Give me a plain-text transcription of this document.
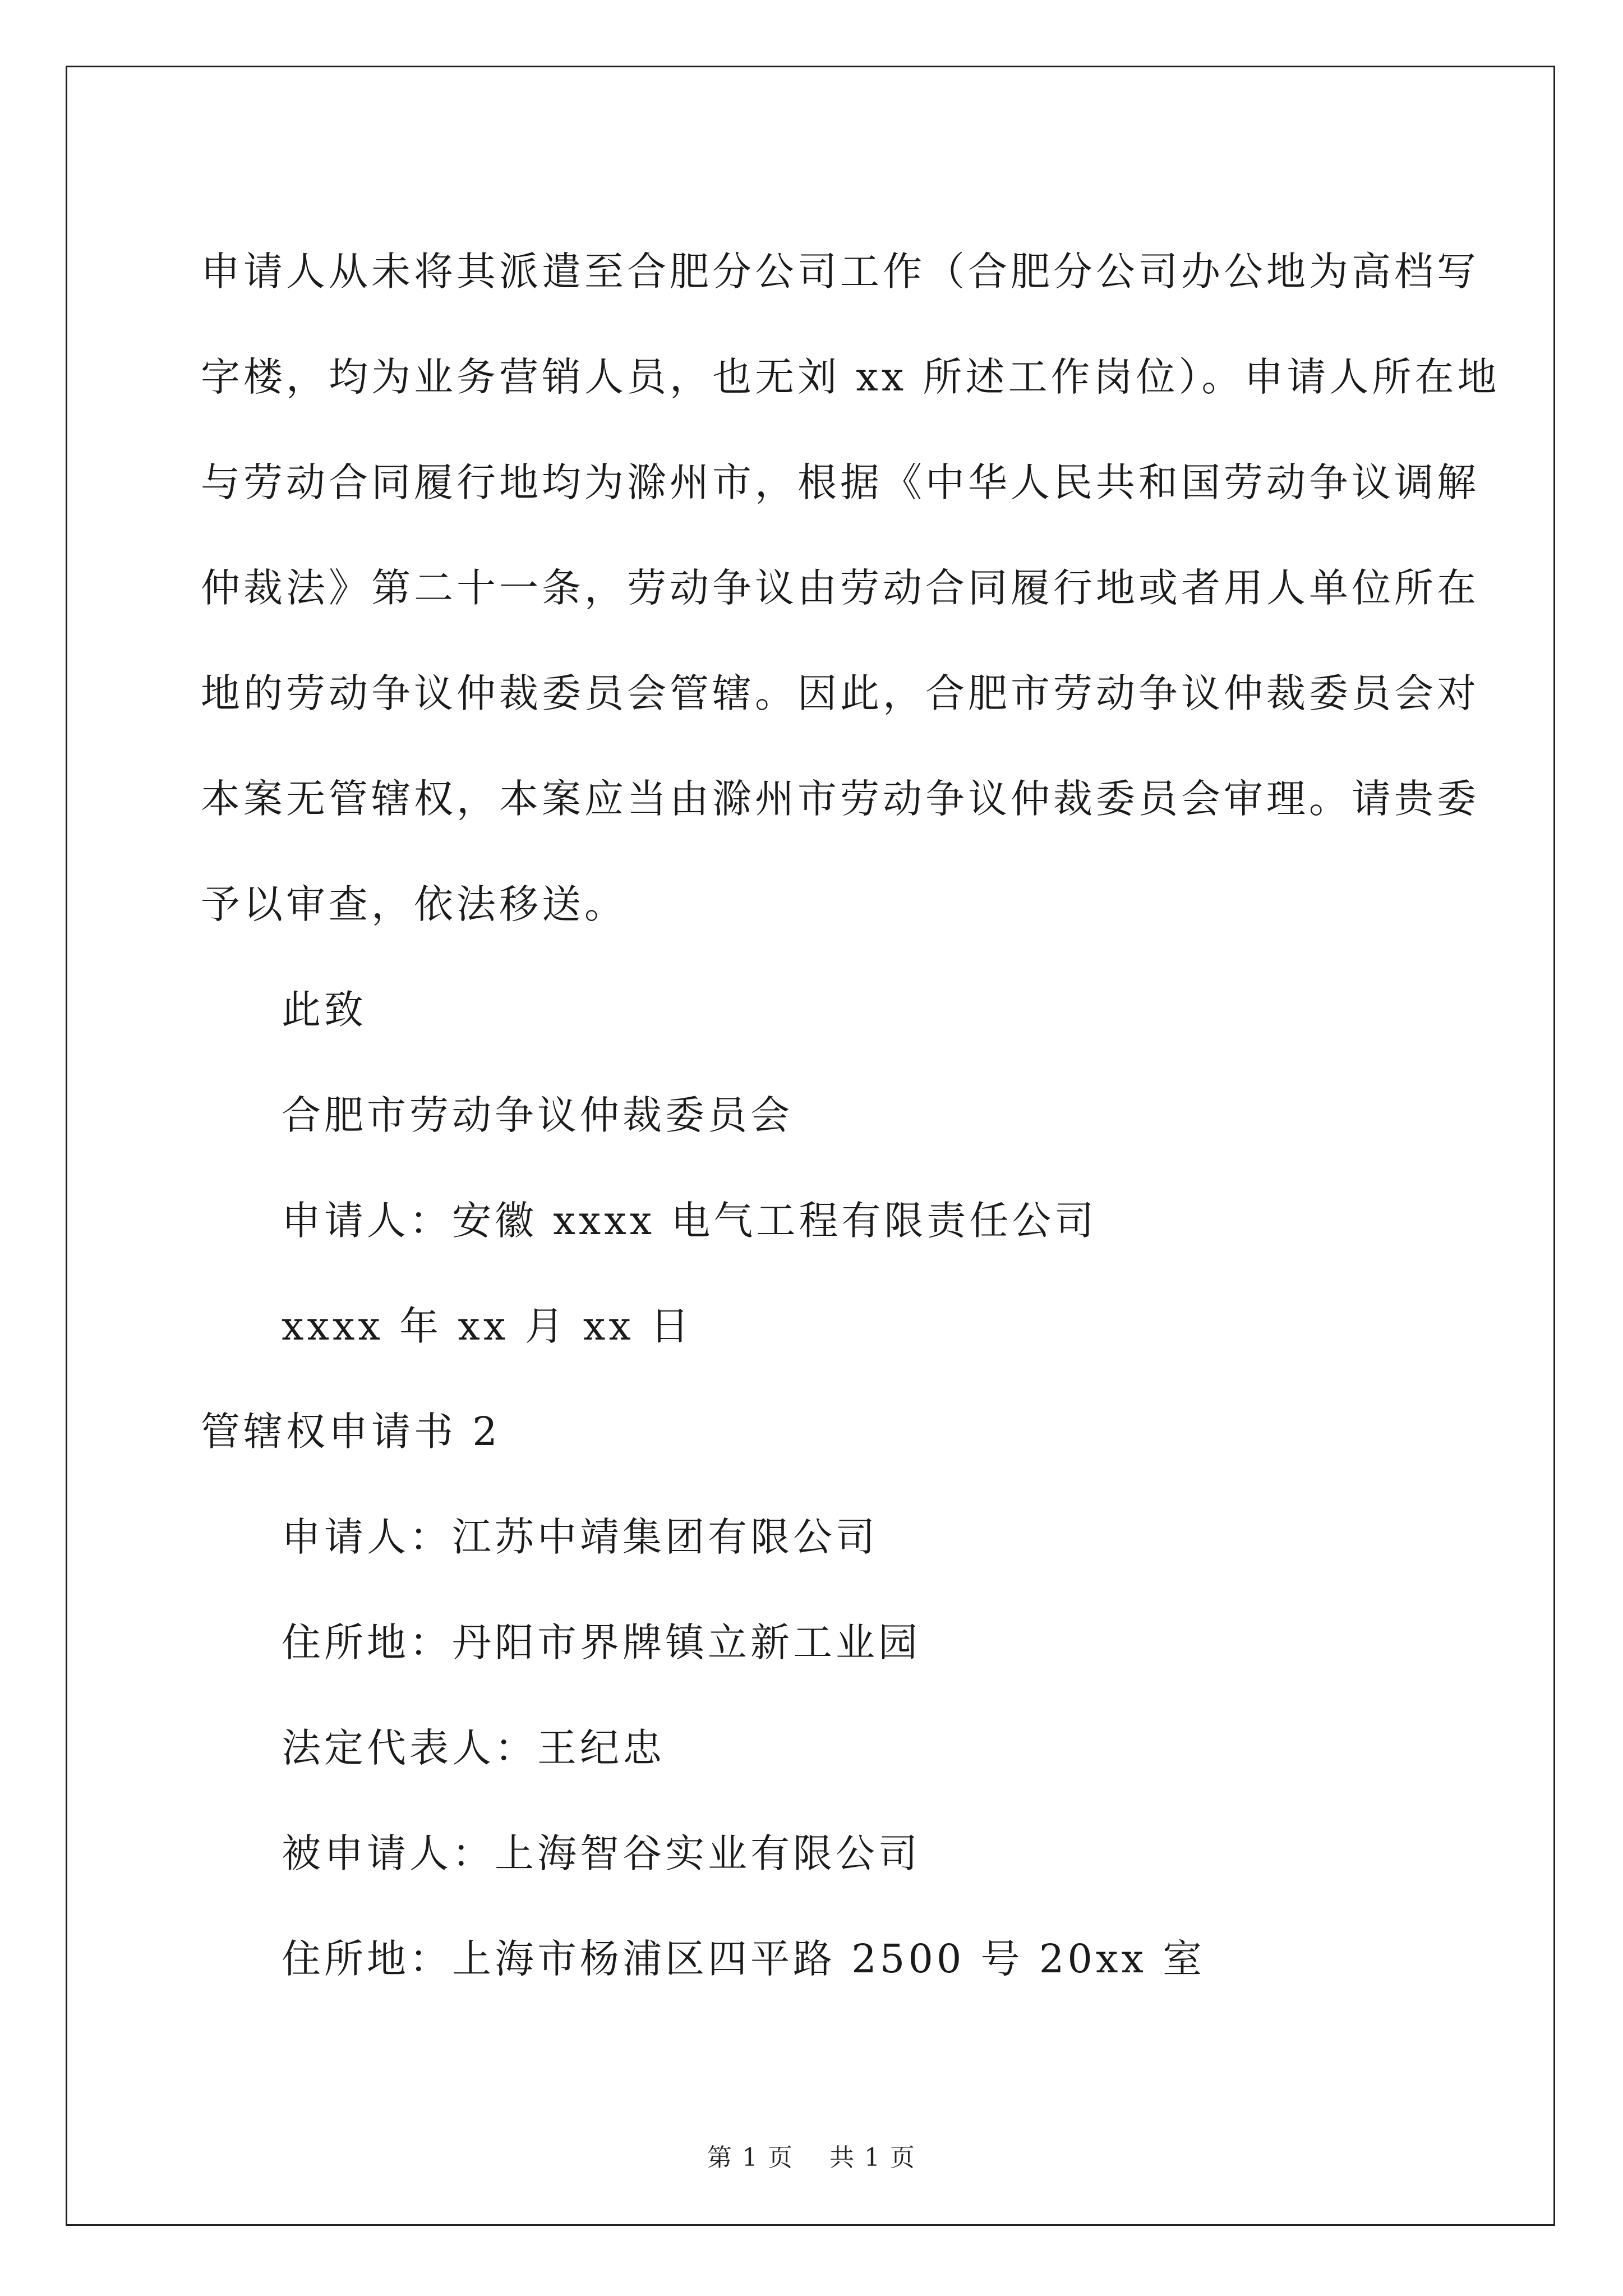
申请人从未将其派遣至合肥分公司工作（合肥分公司办公地为高档写

字楼，均为业务营销人员，也无刘 xx 所述工作岗位）。申请人所在地

与劳动合同履行地均为滁州市，根据《中华人民共和国劳动争议调解

仲裁法》第二十一条，劳动争议由劳动合同履行地或者用人单位所在

地的劳动争议仲裁委员会管辖。因此，合肥市劳动争议仲裁委员会对

本案无管辖权，本案应当由滁州市劳动争议仲裁委员会审理。请贵委

予以审查，依法移送。

此致

合肥市劳动争议仲裁委员会

申请人：安徽 xxxx 电气工程有限责任公司

xxxx 年 xx 月 xx 日

管辖权申请书 2

申请人：江苏中靖集团有限公司

住所地：丹阳市界牌镇立新工业园

法定代表人：王纪忠

被申请人：上海智谷实业有限公司

住所地：上海市杨浦区四平路 2500 号 20xx 室

第 1 页    共 1 页
